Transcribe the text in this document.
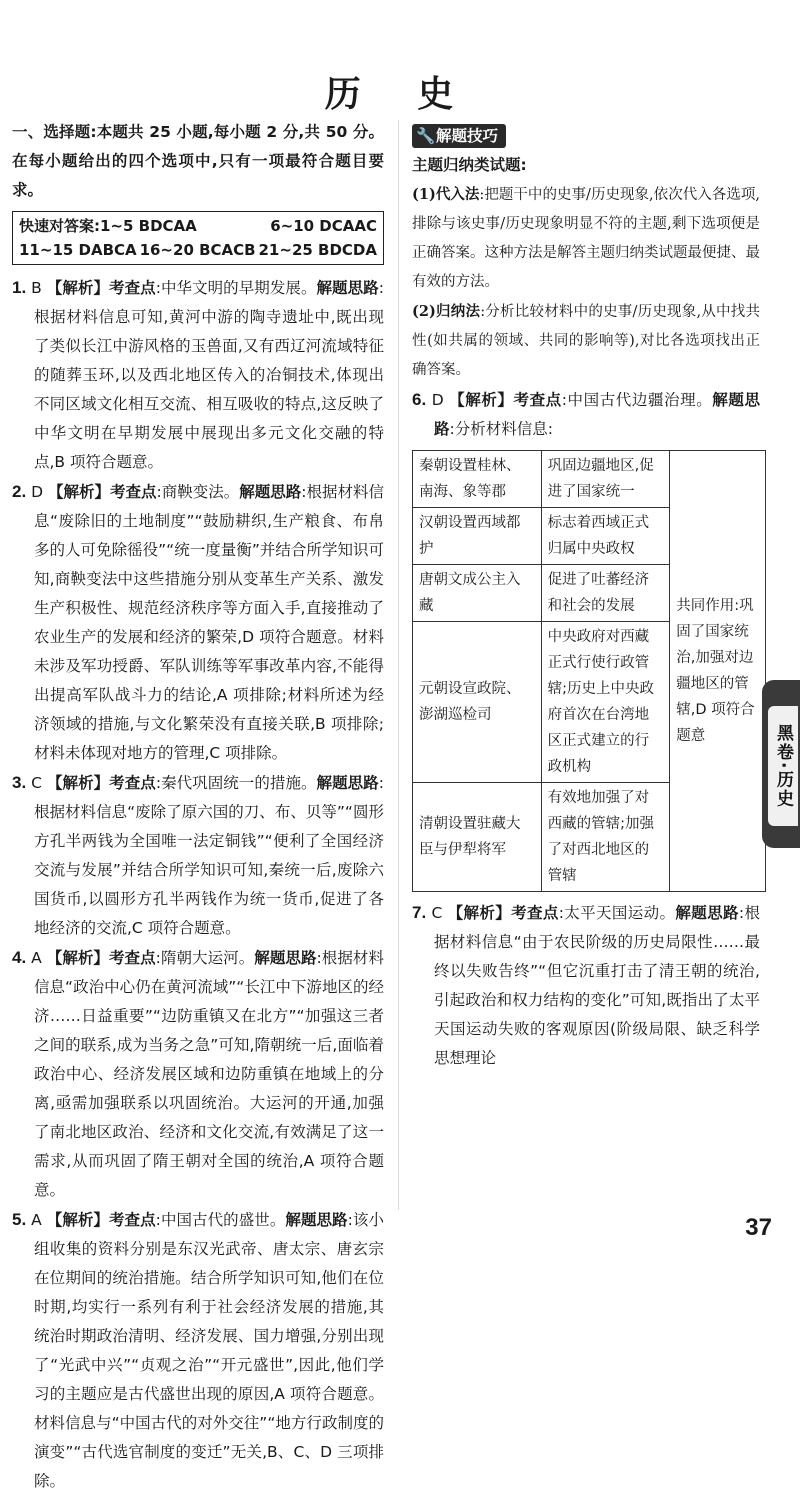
历 史

一、选择题:本题共 25 小题,每小题 2 分,共 50 分。在每小题给出的四个选项中,只有一项最符合题目要求。

快速对答案:1~5 BDCAA	6~10 DCAAC
11~15 DABCA 16~20 BCACB 21~25 BDCDA

1. B 【解析】考查点:中华文明的早期发展。解题思路:根据材料信息可知,黄河中游的陶寺遗址中,既出现了类似长江中游风格的玉兽面,又有西辽河流域特征的随葬玉环,以及西北地区传入的冶铜技术,体现出不同区域文化相互交流、相互吸收的特点,这反映了中华文明在早期发展中展现出多元文化交融的特点,B 项符合题意。

2. D 【解析】考查点:商鞅变法。解题思路:根据材料信息“废除旧的土地制度”“鼓励耕织,生产粮食、布帛多的人可免除徭役”“统一度量衡”并结合所学知识可知,商鞅变法中这些措施分别从变革生产关系、激发生产积极性、规范经济秩序等方面入手,直接推动了农业生产的发展和经济的繁荣,D 项符合题意。材料未涉及军功授爵、军队训练等军事改革内容,不能得出提高军队战斗力的结论,A 项排除;材料所述为经济领域的措施,与文化繁荣没有直接关联,B 项排除;材料未体现对地方的管理,C 项排除。

3. C 【解析】考查点:秦代巩固统一的措施。解题思路:根据材料信息“废除了原六国的刀、布、贝等”“圆形方孔半两钱为全国唯一法定铜钱”“便利了全国经济交流与发展”并结合所学知识可知,秦统一后,废除六国货币,以圆形方孔半两钱作为统一货币,促进了各地经济的交流,C 项符合题意。

4. A 【解析】考查点:隋朝大运河。解题思路:根据材料信息“政治中心仍在黄河流域”“长江中下游地区的经济……日益重要”“边防重镇又在北方”“加强这三者之间的联系,成为当务之急”可知,隋朝统一后,面临着政治中心、经济发展区域和边防重镇在地域上的分离,亟需加强联系以巩固统治。大运河的开通,加强了南北地区政治、经济和文化交流,有效满足了这一需求,从而巩固了隋王朝对全国的统治,A 项符合题意。

5. A 【解析】考查点:中国古代的盛世。解题思路:该小组收集的资料分别是东汉光武帝、唐太宗、唐玄宗在位期间的统治措施。结合所学知识可知,他们在位时期,均实行一系列有利于社会经济发展的措施,其统治时期政治清明、经济发展、国力增强,分别出现了“光武中兴”“贞观之治”“开元盛世”,因此,他们学习的主题应是古代盛世出现的原因,A 项符合题意。材料信息与“中国古代的对外交往”“地方行政制度的演变”“古代选官制度的变迁”无关,B、C、D 三项排除。

🔧解题技巧

主题归纳类试题:

(1)代入法:把题干中的史事/历史现象,依次代入各选项,排除与该史事/历史现象明显不符的主题,剩下选项便是正确答案。这种方法是解答主题归纳类试题最便捷、最有效的方法。

(2)归纳法:分析比较材料中的史事/历史现象,从中找共性(如共属的领域、共同的影响等),对比各选项找出正确答案。

6. D 【解析】考查点:中国古代边疆治理。解题思路:分析材料信息:

秦朝设置桂林、南海、象等郡	巩固边疆地区,促进了国家统一	共同作用:巩固了国家统治,加强对边疆地区的管辖,D 项符合题意
汉朝设置西域都护	标志着西域正式归属中央政权	
唐朝文成公主入藏	促进了吐蕃经济和社会的发展	
元朝设宣政院、澎湖巡检司	中央政府对西藏正式行使行政管辖;历史上中央政府首次在台湾地区正式建立的行政机构	
清朝设置驻藏大臣与伊犁将军	有效地加强了对西藏的管辖;加强了对西北地区的管辖	

7. C 【解析】考查点:太平天国运动。解题思路:根据材料信息“由于农民阶级的历史局限性……最终以失败告终”“但它沉重打击了清王朝的统治,引起政治和权力结构的变化”可知,既指出了太平天国运动失败的客观原因(阶级局限、缺乏科学思想理论

黑卷·历史
37
